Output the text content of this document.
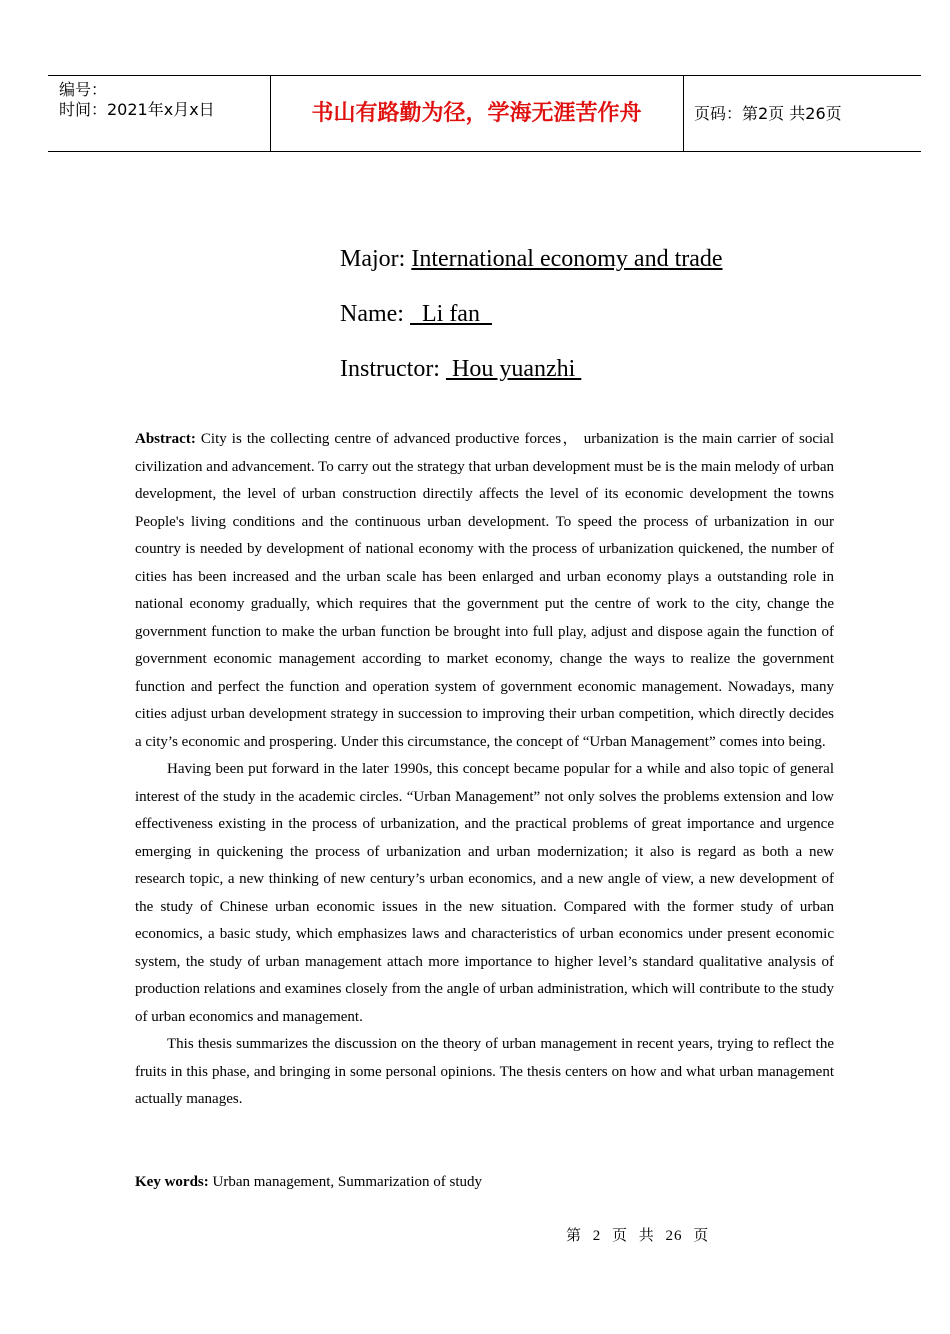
编号：
时间：2021年x月x日	书山有路勤为径，学海无涯苦作舟	页码：第2页 共26页
Major: International economy and trade
Name:   Li fan
Instructor:  Hou yuanzhi

Abstract: City is the collecting centre of advanced productive forces， urbanization is the main carrier of social civilization and advancement. To carry out the strategy that urban development must be is the main melody of urban development, the level of urban construction directily affects the level of its economic development the towns People's living conditions and the continuous urban development. To speed the process of urbanization in our country is needed by development of national economy with the process of urbanization quickened, the number of cities has been increased and the urban scale has been enlarged and urban economy plays a outstanding role in national economy gradually, which requires that the government put the centre of work to the city, change the government function to make the urban function be brought into full play, adjust and dispose again the function of government economic management according to market economy, change the ways to realize the government function and perfect the function and operation system of government economic management. Nowadays, many cities adjust urban development strategy in succession to improving their urban competition, which directly decides a city’s economic and prospering. Under this circumstance, the concept of “Urban Management” comes into being.

Having been put forward in the later 1990s, this concept became popular for a while and also topic of general interest of the study in the academic circles. “Urban Management” not only solves the problems extension and low effectiveness existing in the process of urbanization, and the practical problems of great importance and urgence emerging in quickening the process of urbanization and urban modernization; it also is regard as both a new research topic, a new thinking of new century’s urban economics, and a new angle of view, a new development of the study of Chinese urban economic issues in the new situation. Compared with the former study of urban economics, a basic study, which emphasizes laws and characteristics of urban economics under present economic system, the study of urban management attach more importance to higher level’s standard qualitative analysis of production relations and examines closely from the angle of urban administration, which will contribute to the study of urban economics and management.

This thesis summarizes the discussion on the theory of urban management in recent years, trying to reflect the fruits in this phase, and bringing in some personal opinions. The thesis centers on how and what urban management actually manages.

Key words: Urban management, Summarization of study
第 2 页 共 26 页
